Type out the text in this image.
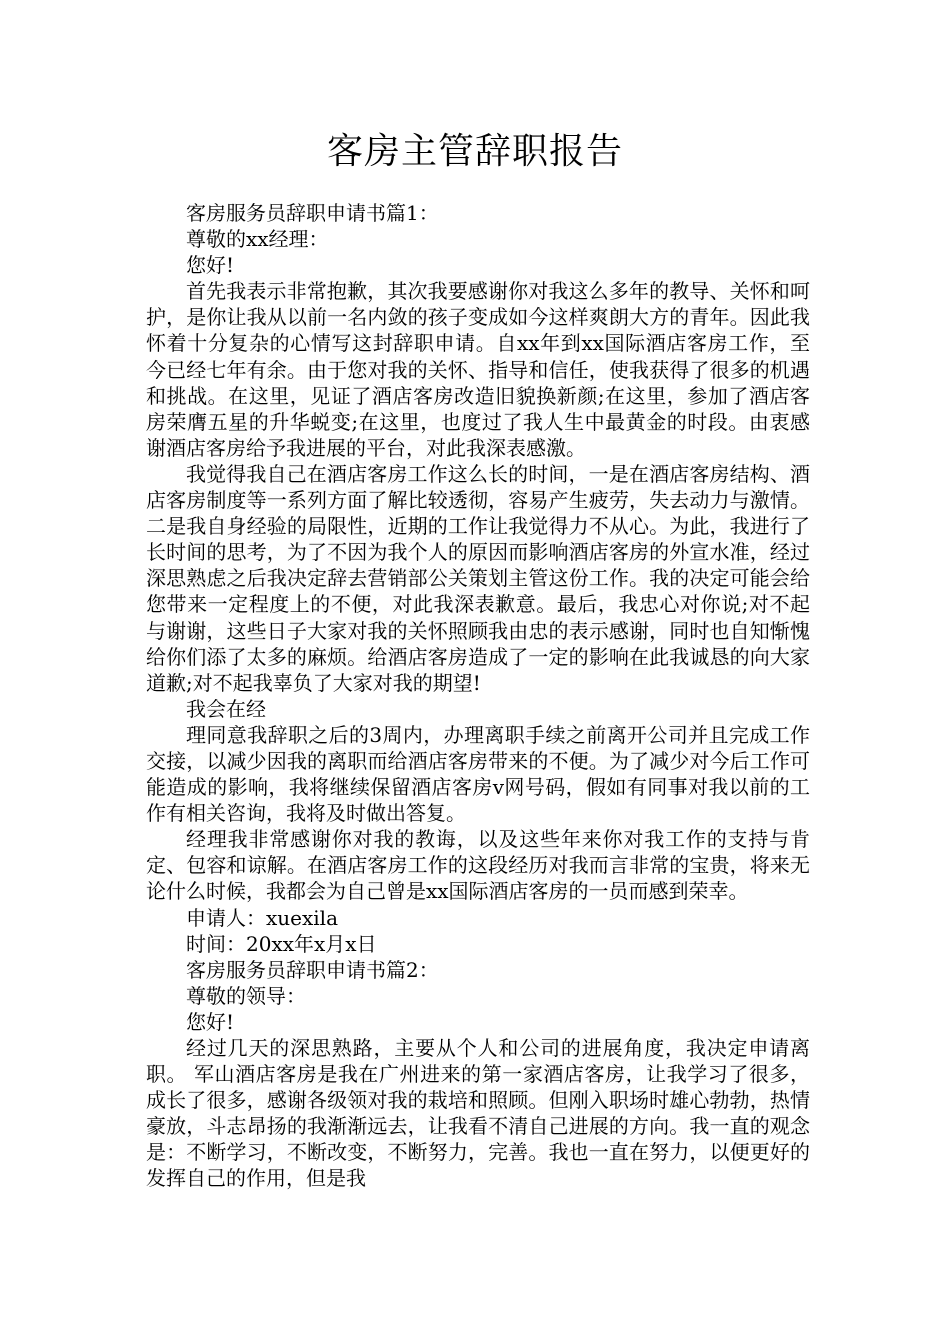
客房主管辞职报告

客房服务员辞职申请书篇1：

尊敬的xx经理：

您好!

首先我表示非常抱歉，其次我要感谢你对我这么多年的教导、关怀和呵护，是你让我从以前一名内敛的孩子变成如今这样爽朗大方的青年。因此我怀着十分复杂的心情写这封辞职申请。自xx年到xx国际酒店客房工作，至今已经七年有余。由于您对我的关怀、指导和信任，使我获得了很多的机遇和挑战。在这里，见证了酒店客房改造旧貌换新颜;在这里，参加了酒店客房荣膺五星的升华蜕变;在这里，也度过了我人生中最黄金的时段。由衷感谢酒店客房给予我进展的平台，对此我深表感激。

我觉得我自己在酒店客房工作这么长的时间，一是在酒店客房结构、酒店客房制度等一系列方面了解比较透彻，容易产生疲劳，失去动力与激情。二是我自身经验的局限性，近期的工作让我觉得力不从心。为此，我进行了长时间的思考，为了不因为我个人的原因而影响酒店客房的外宣水准，经过深思熟虑之后我决定辞去营销部公关策划主管这份工作。我的决定可能会给您带来一定程度上的不便，对此我深表歉意。最后，我忠心对你说;对不起与谢谢，这些日子大家对我的关怀照顾我由忠的表示感谢，同时也自知惭愧给你们添了太多的麻烦。给酒店客房造成了一定的影响在此我诚恳的向大家道歉;对不起我辜负了大家对我的期望!

我会在经

理同意我辞职之后的3周内，办理离职手续之前离开公司并且完成工作交接，以减少因我的离职而给酒店客房带来的不便。为了减少对今后工作可能造成的影响，我将继续保留酒店客房v网号码，假如有同事对我以前的工作有相关咨询，我将及时做出答复。

经理我非常感谢你对我的教诲，以及这些年来你对我工作的支持与肯定、包容和谅解。在酒店客房工作的这段经历对我而言非常的宝贵，将来无论什么时候，我都会为自己曾是xx国际酒店客房的一员而感到荣幸。

申请人：xuexila

时间：20xx年x月x日

客房服务员辞职申请书篇2：

尊敬的领导：

您好!

经过几天的深思熟路，主要从个人和公司的进展角度，我决定申请离职。 军山酒店客房是我在广州进来的第一家酒店客房，让我学习了很多，成长了很多，感谢各级领对我的栽培和照顾。但刚入职场时雄心勃勃，热情豪放，斗志昂扬的我渐渐远去，让我看不清自己进展的方向。我一直的观念是：不断学习，不断改变，不断努力，完善。我也一直在努力，以便更好的发挥自己的作用，但是我
